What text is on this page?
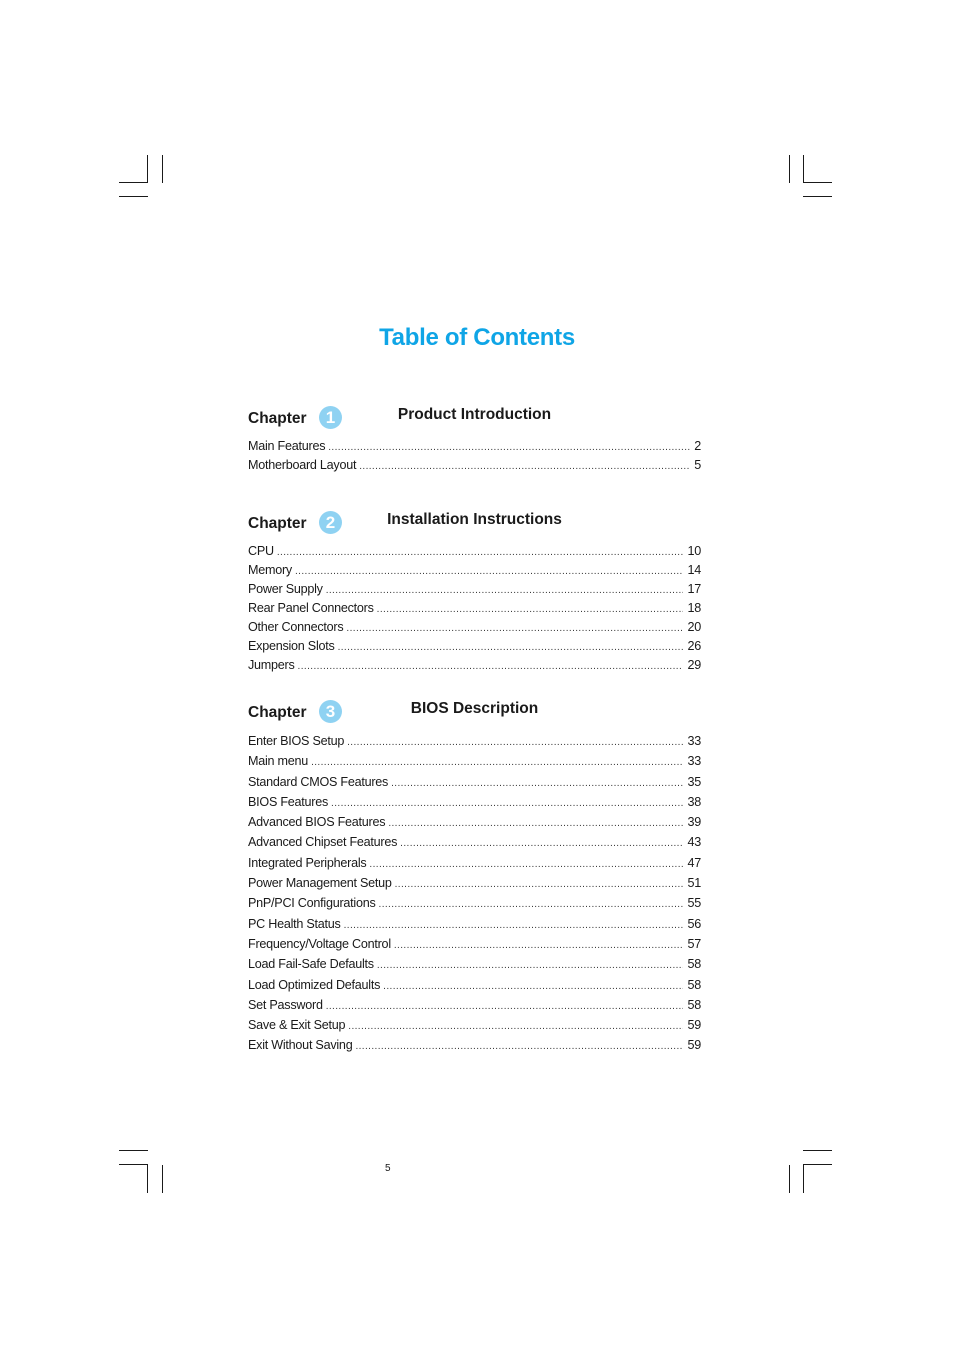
Table of Contents
Chapter	1	Product Introduction
Main Features .....	2
Motherboard Layout .....	5
Chapter	2	Installation Instructions
CPU .....	10
Memory .....	14
Power Supply .....	17
Rear Panel Connectors .....	18
Other Connectors .....	20
Expension Slots .....	26
Jumpers .....	29
Chapter	3	BIOS Description
Enter BIOS Setup .....	33
Main menu .....	33
Standard CMOS Features .....	35
BIOS Features .....	38
Advanced BIOS Features .....	39
Advanced Chipset Features .....	43
Integrated Peripherals .....	47
Power Management Setup .....	51
PnP/PCI Configurations .....	55
PC Health Status .....	56
Frequency/Voltage Control .....	57
Load Fail-Safe Defaults .....	58
Load Optimized Defaults .....	58
Set Password .....	58
Save & Exit Setup .....	59
Exit Without Saving .....	59
5
